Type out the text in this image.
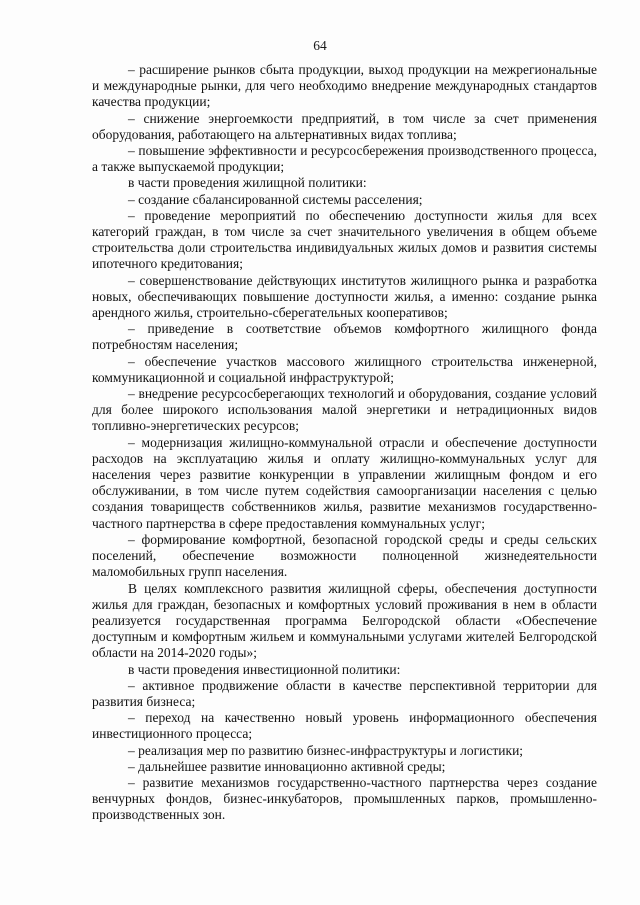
64

– расширение рынков сбыта продукции, выход продукции на межрегиональные и международные рынки, для чего необходимо внедрение международных стандартов качества продукции;

– снижение энергоемкости предприятий, в том числе за счет применения оборудования, работающего на альтернативных видах топлива;

– повышение эффективности и ресурсосбережения производственного процесса, а также выпускаемой продукции;

в части проведения жилищной политики:

– создание сбалансированной системы расселения;

– проведение мероприятий по обеспечению доступности жилья для всех категорий граждан, в том числе за счет значительного увеличения в общем объеме строительства доли строительства индивидуальных жилых домов и развития системы ипотечного кредитования;

– совершенствование действующих институтов жилищного рынка и разработка новых, обеспечивающих повышение доступности жилья, а именно: создание рынка арендного жилья, строительно-сберегательных кооперативов;

– приведение в соответствие объемов комфортного жилищного фонда потребностям населения;

– обеспечение участков массового жилищного строительства инженерной, коммуникационной и социальной инфраструктурой;

– внедрение ресурсосберегающих технологий и оборудования, создание условий для более широкого использования малой энергетики и нетрадиционных видов топливно-энергетических ресурсов;

– модернизация жилищно-коммунальной отрасли и обеспечение доступности расходов на эксплуатацию жилья и оплату жилищно-коммунальных услуг для населения через развитие конкуренции в управлении жилищным фондом и его обслуживании, в том числе путем содействия самоорганизации населения с целью создания товариществ собственников жилья, развитие механизмов государственно-частного партнерства в сфере предоставления коммунальных услуг;

– формирование комфортной, безопасной городской среды и среды сельских поселений, обеспечение возможности полноценной жизнедеятельности маломобильных групп населения.

В целях комплексного развития жилищной сферы, обеспечения доступности жилья для граждан, безопасных и комфортных условий проживания в нем в области реализуется государственная программа Белгородской области «Обеспечение доступным и комфортным жильем и коммунальными услугами жителей Белгородской области на 2014-2020 годы»;

в части проведения инвестиционной политики:

– активное продвижение области в качестве перспективной территории для развития бизнеса;

– переход на качественно новый уровень информационного обеспечения инвестиционного процесса;

– реализация мер по развитию бизнес-инфраструктуры и логистики;

– дальнейшее развитие инновационно активной среды;

– развитие механизмов государственно-частного партнерства через создание венчурных фондов, бизнес-инкубаторов, промышленных парков, промышленно-производственных зон.
